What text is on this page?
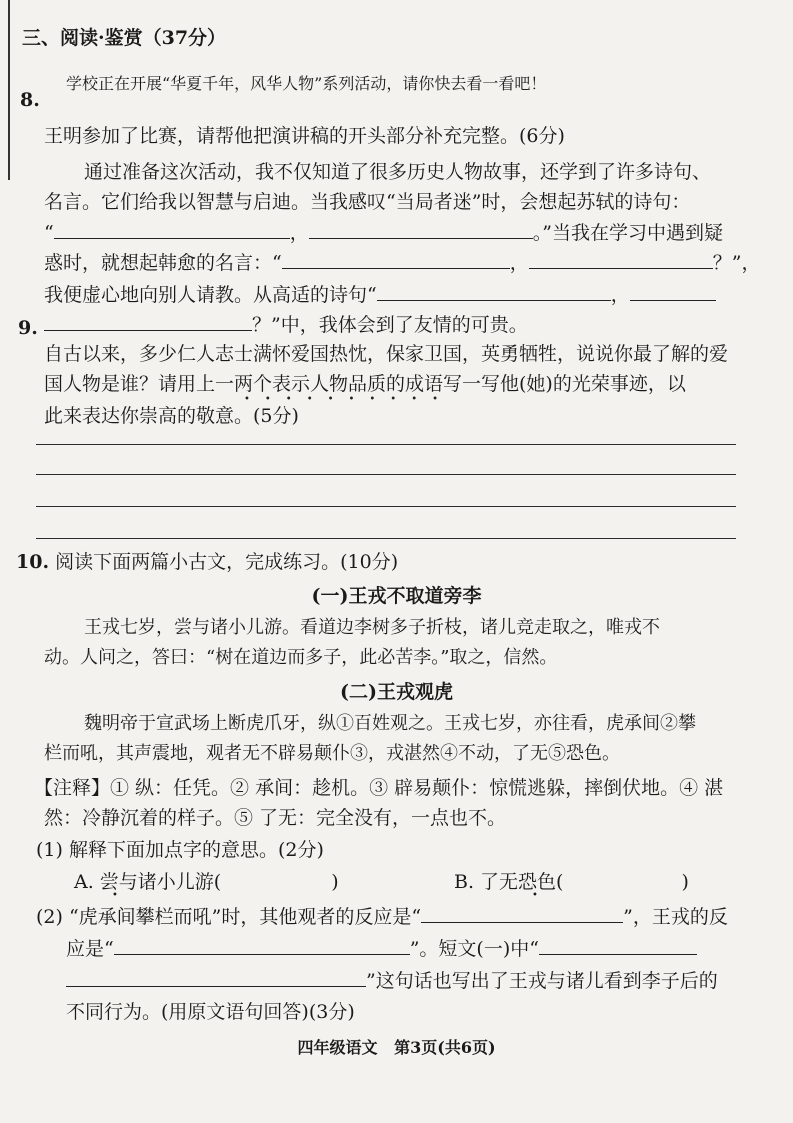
三、阅读·鉴赏（37分）
学校正在开展“华夏千年，风华人物”系列活动，请你快去看一看吧！
8.
王明参加了比赛，请帮他把演讲稿的开头部分补充完整。(6分)
通过准备这次活动，我不仅知道了很多历史人物故事，还学到了许多诗句、
名言。它们给我以智慧与启迪。当我感叹“当局者迷”时，会想起苏轼的诗句：
“	，	。”当我在学习中遇到疑
惑时，就想起韩愈的名言：“	，	？”，
我便虚心地向别人请教。从高适的诗句“	，
？”中，我体会到了友情的可贵。
9.
自古以来，多少仁人志士满怀爱国热忱，保家卫国，英勇牺牲，说说你最了解的爱
国人物是谁？请用上一两个表示人物品质的成语写一写他(她)的光荣事迹，以
••••••••••
此来表达你崇高的敬意。(5分)
10. 阅读下面两篇小古文，完成练习。(10分)
(一)王戎不取道旁李
王戎七岁，尝与诸小儿游。看道边李树多子折枝，诸儿竞走取之，唯戎不
动。人问之，答曰：“树在道边而多子，此必苦李。”取之，信然。
(二)王戎观虎
魏明帝于宣武场上断虎爪牙，纵①百姓观之。王戎七岁，亦往看，虎承间②攀
栏而吼，其声震地，观者无不辟易颠仆③，戎湛然④不动，了无⑤恐色。
【注释】① 纵：任凭。② 承间：趁机。③ 辟易颠仆：惊慌逃躲，摔倒伏地。④ 湛
然：冷静沉着的样子。⑤ 了无：完全没有，一点也不。
(1) 解释下面加点字的意思。(2分)
A. 尝与诸小儿游(	)
•
B. 了无恐色(	)
•
(2) “虎承间攀栏而吼”时，其他观者的反应是“	”，王戎的反
应是“	”。短文(一)中“
”这句话也写出了王戎与诸儿看到李子后的
不同行为。(用原文语句回答)(3分)
四年级语文   第3页(共6页)
